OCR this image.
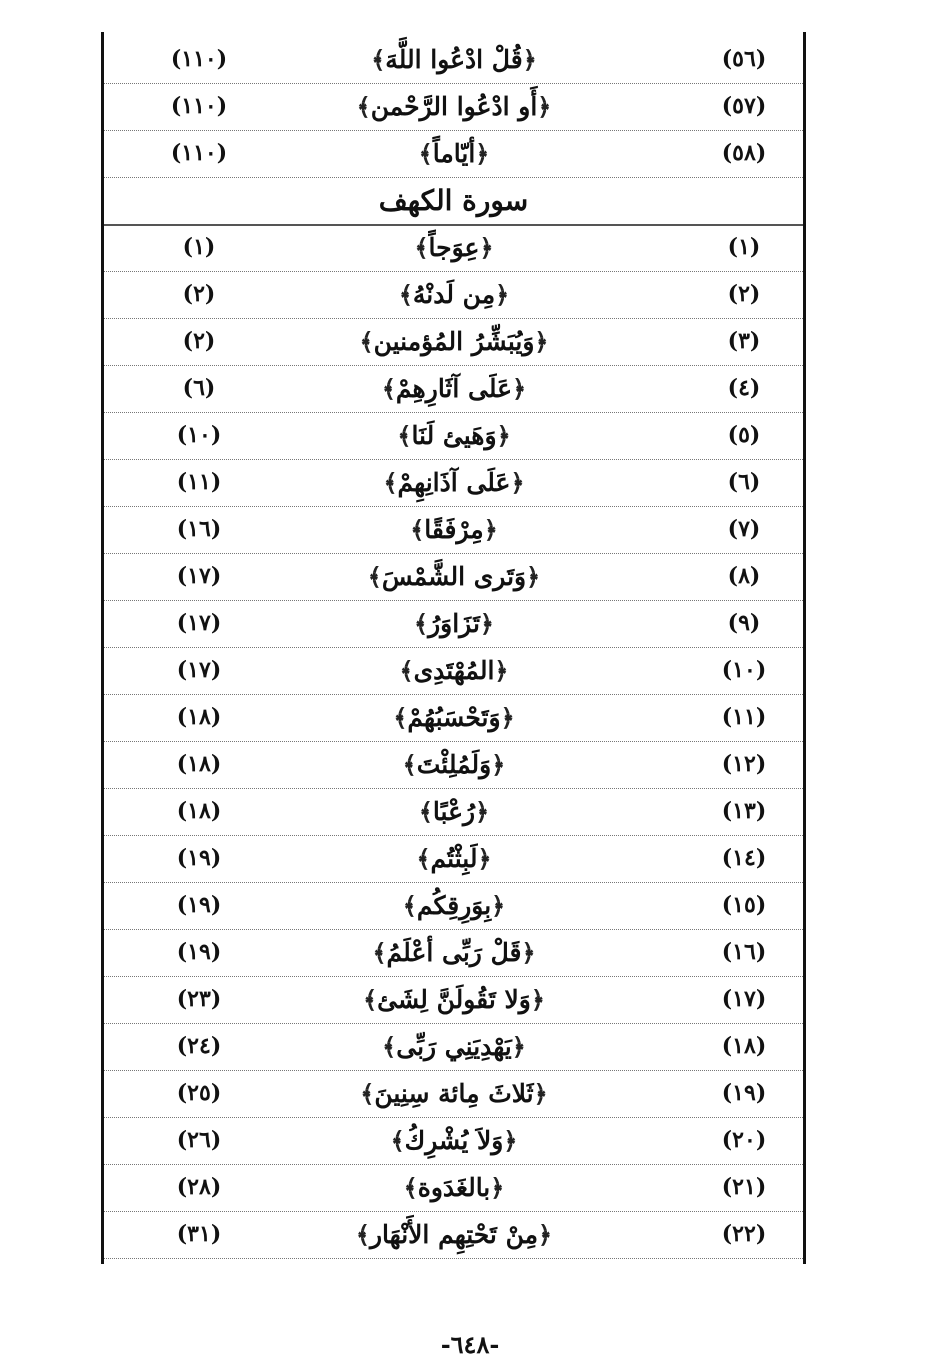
(٥٦)
﴿قُلْ ادْعُوا اللَّهَ﴾
(١١٠)
(٥٧)
﴿أَو ادْعُوا الرَّحْمن﴾
(١١٠)
(٥٨)
﴿أيّاماً﴾
(١١٠)
سورة الكهف
(١)
﴿عِوَجاً﴾
(١)
(٢)
﴿مِن لَدنْهُ﴾
(٢)
(٣)
﴿وَيُبَشِّرُ المُؤمنين﴾
(٢)
(٤)
﴿عَلَى آثَارِهِمْ﴾
(٦)
(٥)
﴿وَهَيئ لَنَا﴾
(١٠)
(٦)
﴿عَلَى آذَانِهِمْ﴾
(١١)
(٧)
﴿مِرْفَقًا﴾
(١٦)
(٨)
﴿وَتَرى الشَّمْسَ﴾
(١٧)
(٩)
﴿تَزَاوَرُ﴾
(١٧)
(١٠)
﴿المُهْتَدِى﴾
(١٧)
(١١)
﴿وَتَحْسَبُهُمْ﴾
(١٨)
(١٢)
﴿وَلَمُلِئْتَ﴾
(١٨)
(١٣)
﴿رُعْبًا﴾
(١٨)
(١٤)
﴿لَبِثْتُم﴾
(١٩)
(١٥)
﴿بِوَرِقِكُم﴾
(١٩)
(١٦)
﴿قَلْ رَبِّى أعْلَمُ﴾
(١٩)
(١٧)
﴿وَلا تَقُولَنَّ لِشَئ﴾
(٢٣)
(١٨)
﴿يَهْدِيَنِي رَبِّى﴾
(٢٤)
(١٩)
﴿ثَلاثَ مِائة سِنِينَ﴾
(٢٥)
(٢٠)
﴿وَلاَ يُشْرِكُ﴾
(٢٦)
(٢١)
﴿بالغَدَوة﴾
(٢٨)
(٢٢)
﴿مِنْ تَحْتِهِم الأَنْهَار﴾
(٣١)
-٦٤٨-
